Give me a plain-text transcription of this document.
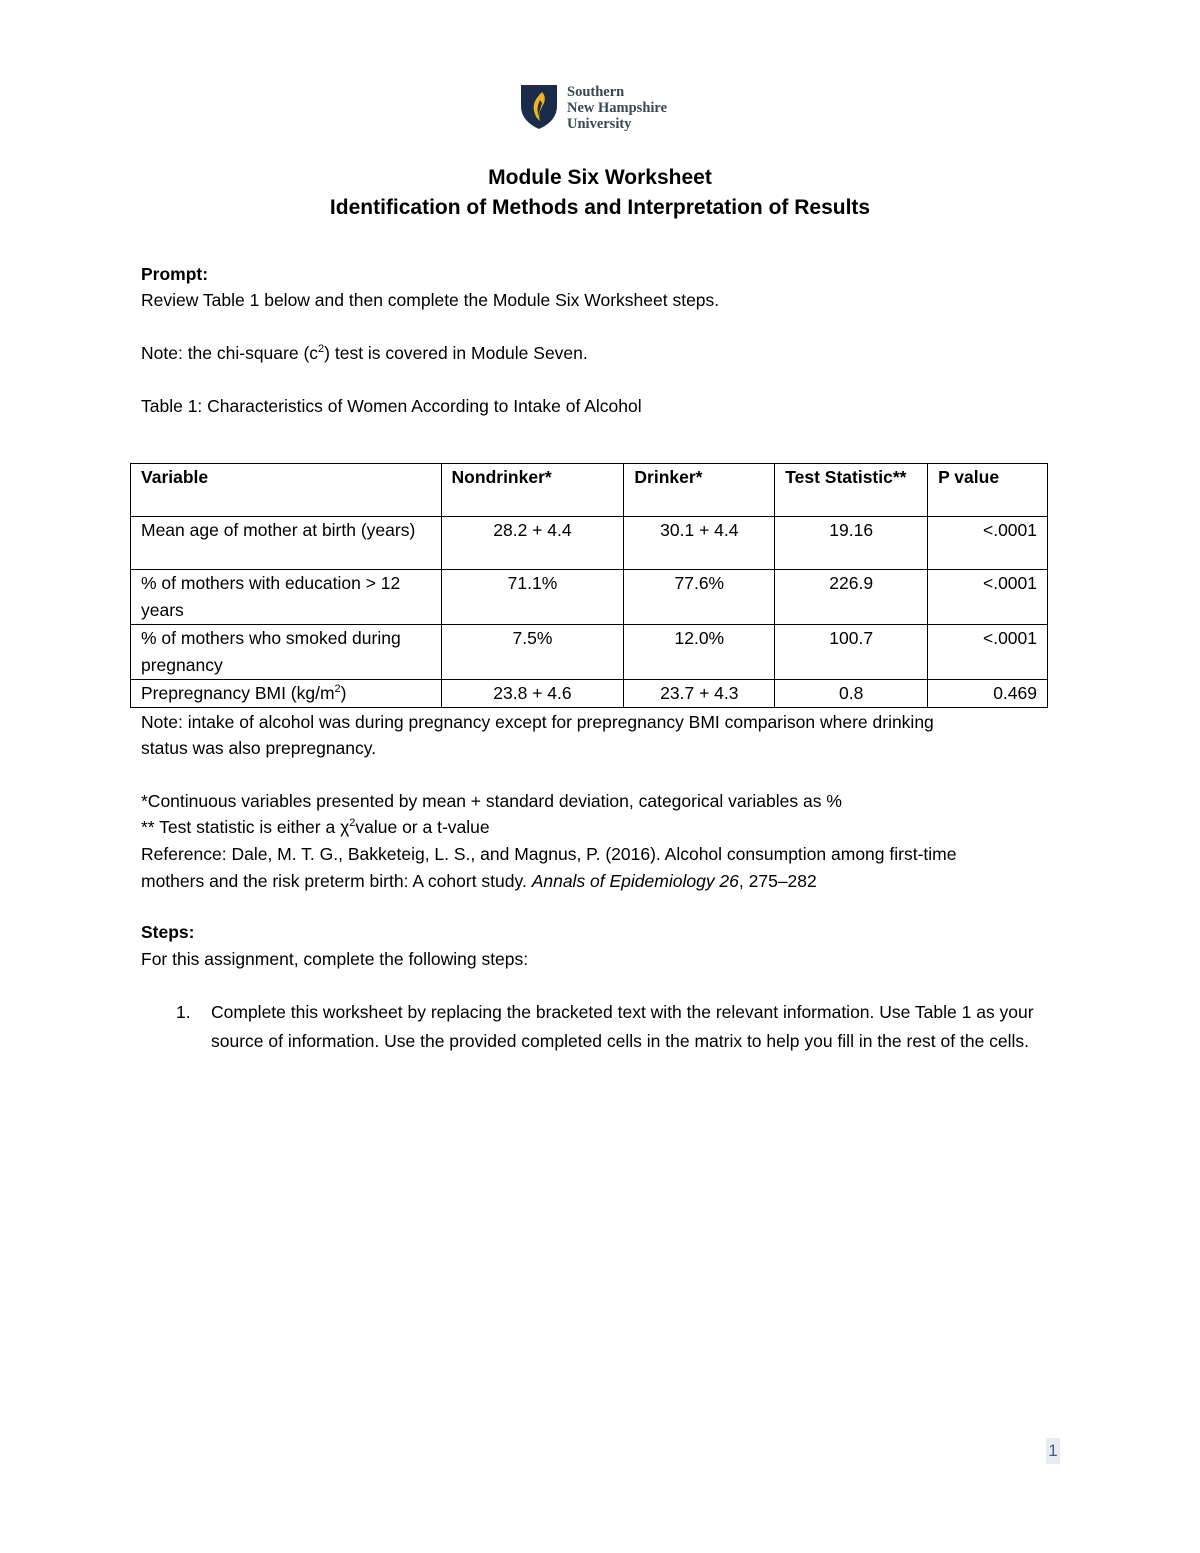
Southern
New Hampshire
University
Module Six Worksheet
Identification of Methods and Interpretation of Results
Prompt:
Review Table 1 below and then complete the Module Six Worksheet steps.
Note: the chi-square $(c^2)$ test is covered in Module Seven.
Table 1: Characteristics of Women According to Intake of Alcohol
Variable	Nondrinker*	Drinker*	Test Statistic**	P value
Mean age of mother at birth (years)	28.2 + 4.4	30.1 + 4.4	19.16	<.0001
% of mothers with education > 12 years	71.1%	77.6%	226.9	<.0001
% of mothers who smoked during pregnancy	7.5%	12.0%	100.7	<.0001
Prepregnancy BMI $(kg/m^2)$	23.8 + 4.6	23.7 + 4.3	0.8	0.469
Note: intake of alcohol was during pregnancy except for prepregnancy BMI comparison where drinking
status was also prepregnancy.
*Continuous variables presented by mean + standard deviation, categorical variables as %
** Test statistic is either a $\chi^2value$ or a t-value
Reference: Dale, M. T. G., Bakketeig, L. S., and Magnus, P. (2016). Alcohol consumption among first-time
mothers and the risk preterm birth: A cohort study. Annals of Epidemiology 26, 275–282
Steps:
For this assignment, complete the following steps:
1. Complete this worksheet by replacing the bracketed text with the relevant information. Use Table 1 as your source of information. Use the provided completed cells in the matrix to help you fill in the rest of the cells.
1
